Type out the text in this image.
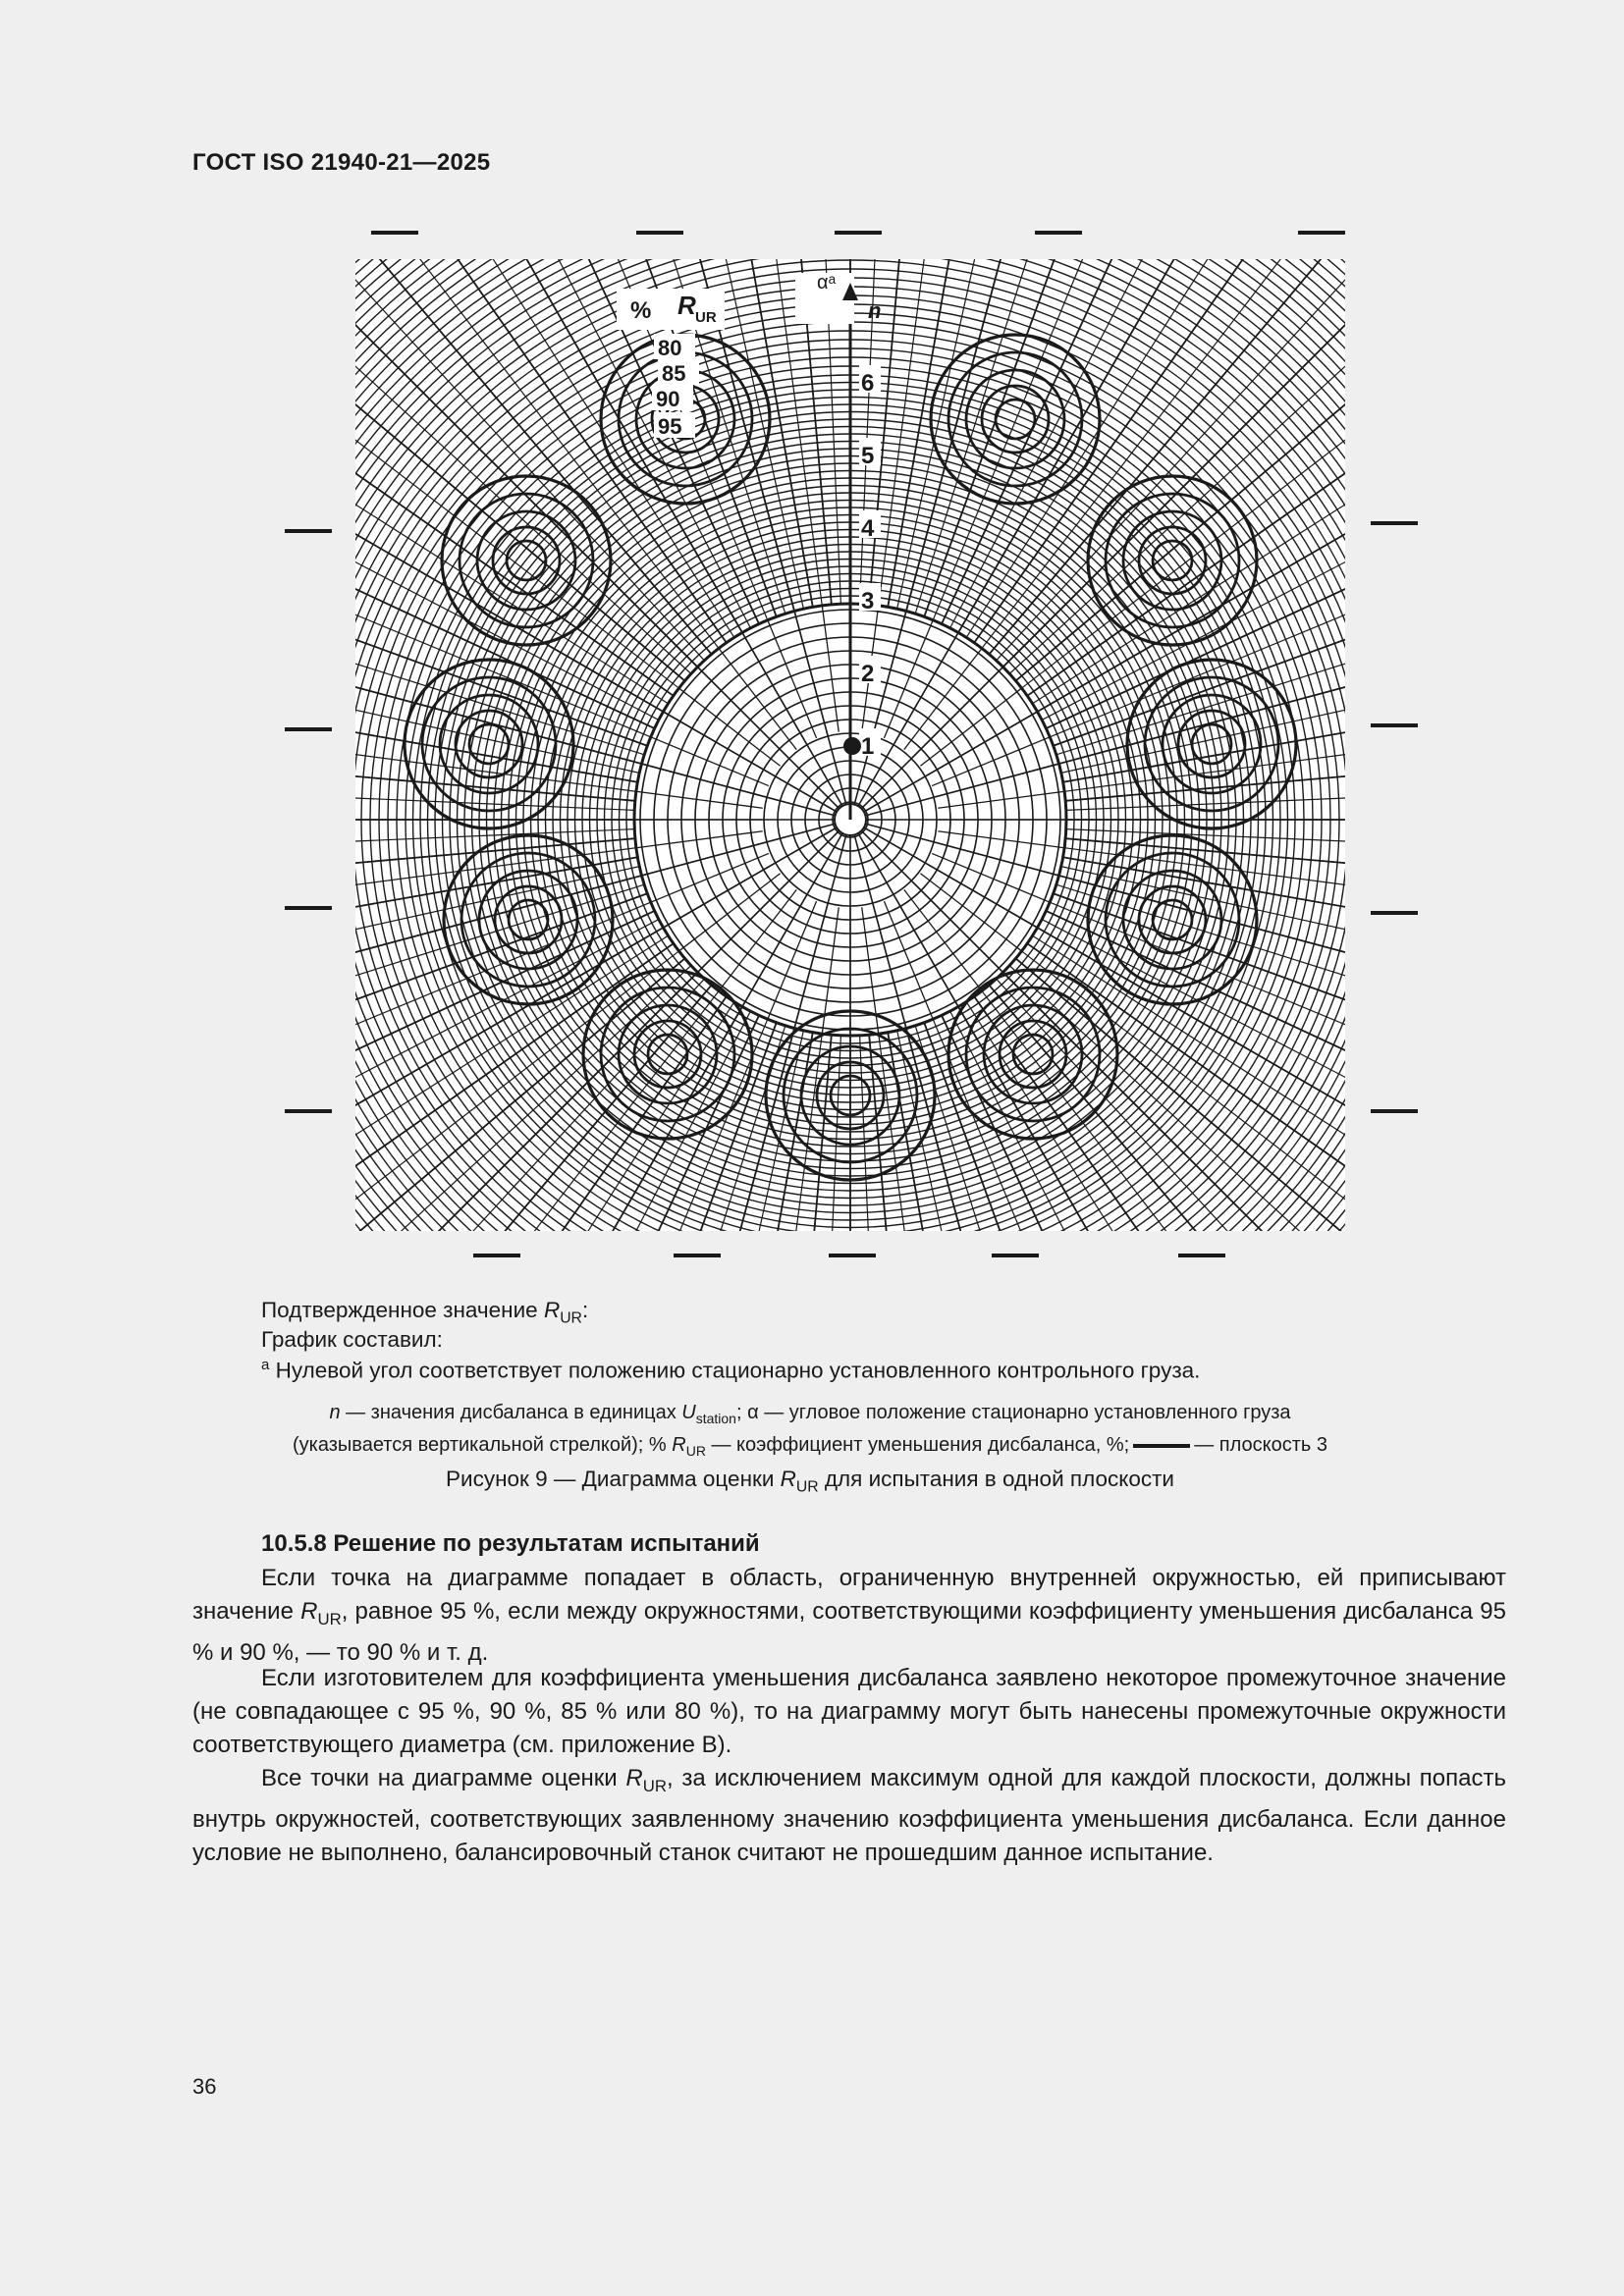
ГОСТ ISO 21940-21—2025
% R UR
80
85
90
95
αᵃ
n
1
2
3
4
5
6
Подтвержденное значение $R_{UR}$:
График составил:
$^a$ Нулевой угол соответствует положению стационарно установленного контрольного груза.
n — значения дисбаланса в единицах $U_{station}$; α — угловое положение стационарно установленного груза
(указывается вертикальной стрелкой); % $R_{UR}$ — коэффициент уменьшения дисбаланса, %;	— плоскость 3
Рисунок 9 — Диаграмма оценки $R_{UR}$ для испытания в одной плоскости
10.5.8 Решение по результатам испытаний
Если точка на диаграмме попадает в область, ограниченную внутренней окружностью, ей приписывают значение $R_{UR}$, равное 95 %, если между окружностями, соответствующими коэффициенту уменьшения дисбаланса 95 % и 90 %, — то 90 % и т. д.
Если изготовителем для коэффициента уменьшения дисбаланса заявлено некоторое промежуточное значение (не совпадающее с 95 %, 90 %, 85 % или 80 %), то на диаграмму могут быть нанесены промежуточные окружности соответствующего диаметра (см. приложение В).
Все точки на диаграмме оценки $R_{UR}$, за исключением максимум одной для каждой плоскости, должны попасть внутрь окружностей, соответствующих заявленному значению коэффициента уменьшения дисбаланса. Если данное условие не выполнено, балансировочный станок считают не прошедшим данное испытание.
36
